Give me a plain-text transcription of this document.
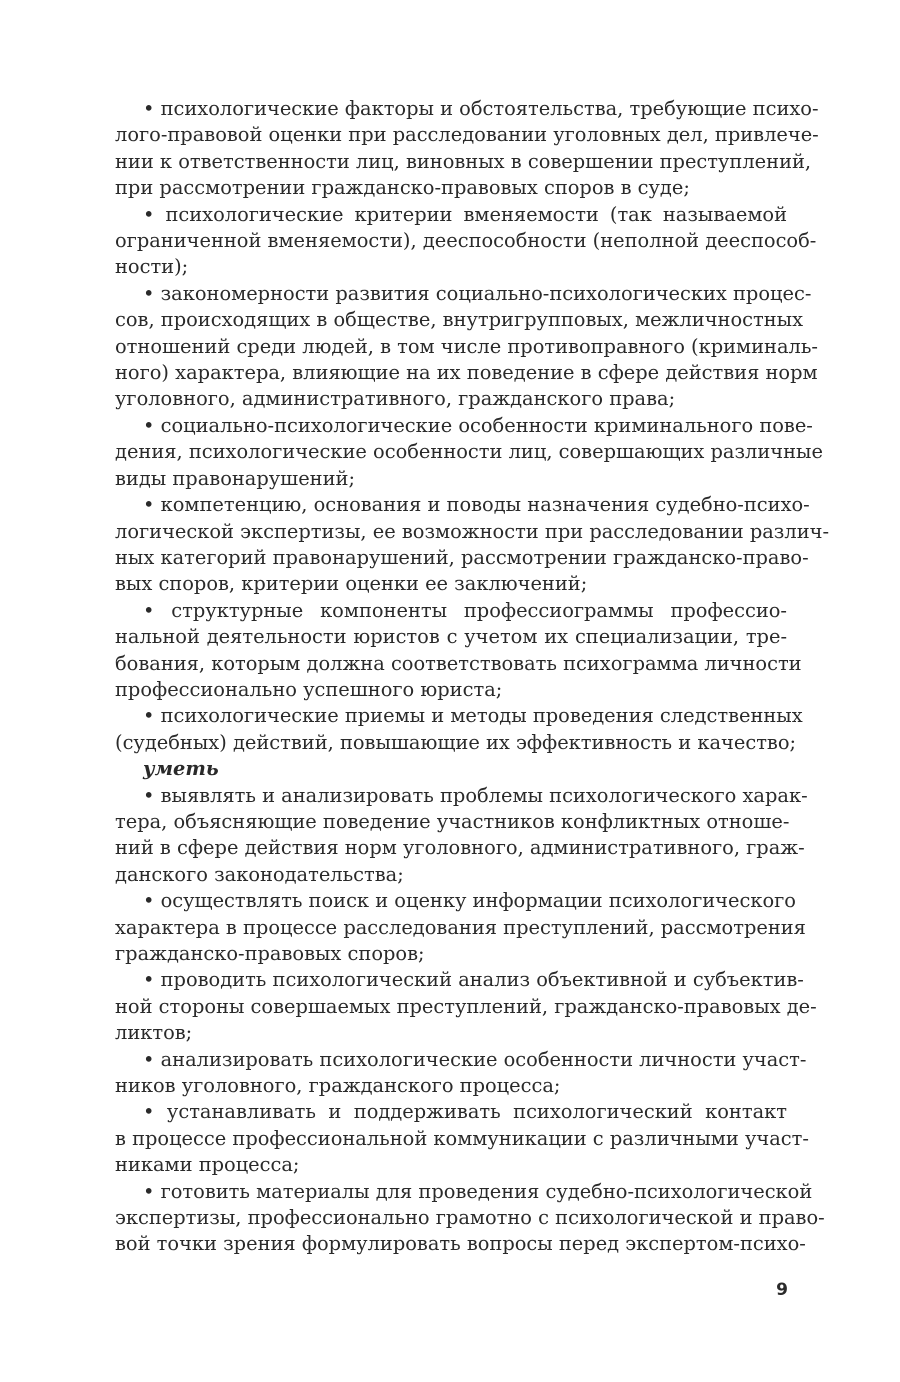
• психологические факторы и обстоятельства, требующие психо-
лого-правовой оценки при расследовании уголовных дел, привлече-
нии к ответственности лиц, виновных в совершении преступлений,
при рассмотрении гражданско-правовых споров в суде;
• психологические критерии вменяемости (так называемой
ограниченной вменяемости), дееспособности (неполной дееспособ-
ности);
• закономерности развития социально-психологических процес-
сов, происходящих в обществе, внутригрупповых, межличностных
отношений среди людей, в том числе противоправного (криминаль-
ного) характера, влияющие на их поведение в сфере действия норм
уголовного, административного, гражданского права;
• социально-психологические особенности криминального пове-
дения, психологические особенности лиц, совершающих различные
виды правонарушений;
• компетенцию, основания и поводы назначения судебно-психо-
логической экспертизы, ее возможности при расследовании различ-
ных категорий правонарушений, рассмотрении гражданско-право-
вых споров, критерии оценки ее заключений;
• структурные компоненты профессиограммы профессио-
нальной деятельности юристов с учетом их специализации, тре-
бования, которым должна соответствовать психограмма личности
профессионально успешного юриста;
• психологические приемы и методы проведения следственных
(судебных) действий, повышающие их эффективность и качество;
уметь
• выявлять и анализировать проблемы психологического харак-
тера, объясняющие поведение участников конфликтных отноше-
ний в сфере действия норм уголовного, административного, граж-
данского законодательства;
• осуществлять поиск и оценку информации психологического
характера в процессе расследования преступлений, рассмотрения
гражданско-правовых споров;
• проводить психологический анализ объективной и субъектив-
ной стороны совершаемых преступлений, гражданско-правовых де-
ликтов;
• анализировать психологические особенности личности участ-
ников уголовного, гражданского процесса;
• устанавливать и поддерживать психологический контакт
в процессе профессиональной коммуникации с различными участ-
никами процесса;
• готовить материалы для проведения судебно-психологической
экспертизы, профессионально грамотно с психологической и право-
вой точки зрения формулировать вопросы перед экспертом-психо-
9
